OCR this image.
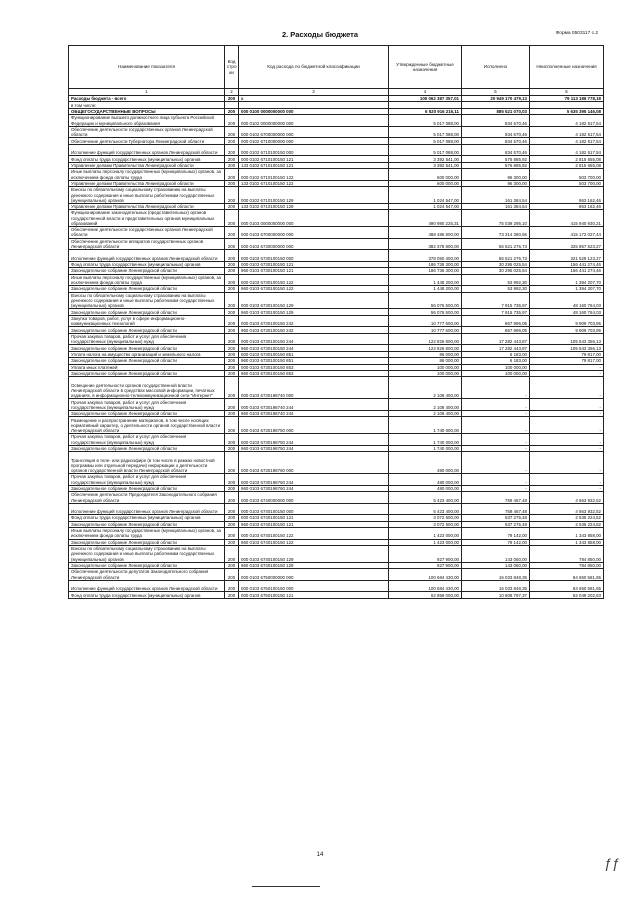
2. Расходы бюджета	Форма 0503117 с.2
Наименование показателя	Код стро ки	Код расхода по бюджетной классификации	Утвержденные бюджетные назначения	Исполнено	Неисполненные назначения
1	2	3	4	5	6
Расходы бюджета - всего	200	x	100 062 387 357,01	20 949 170 479,13	79 113 186 778,18
в том числе:					
ОБЩЕГОСУДАРСТВЕННЫЕ ВОПРОСЫ	200	000 0100 0000000000 000	6 520 916 216,11	885 521 070,03	5 635 395 146,08
Функционирование высшего должностного лица субъекта Российской Федерации и муниципального образования	200	000 0102 0000000000 000	5 017 088,00	834 570,46	4 182 517,54
Обеспечение деятельности государственных органов Ленинградской области	200	000 0102 6700000000 000	5 017 088,00	834 570,46	4 182 517,54
Обеспечение деятельности Губернатора Ленинградской области	200	000 0102 6710000000 000	5 017 088,00	834 570,46	4 182 517,54
Исполнение функций государственных органов Ленинградской области	200	000 0102 6710100150 000	5 017 088,00	834 570,46	4 182 517,54
Фонд оплаты труда государственных (муниципальных) органов	200	000 0102 6710100150 121	3 392 541,00	576 885,92	2 815 655,08
Управление делами Правительства Ленинградской области	200	133 0102 6710100150 121	3 392 541,00	576 885,92	2 815 655,08
Иные выплаты персоналу государственных (муниципальных) органов, за исключением фонда оплаты труда	200	000 0102 6710100150 122	600 000,00	96 300,00	503 700,00
Управление делами Правительства Ленинградской области	200	133 0102 6710100150 122	600 000,00	96 300,00	503 700,00
Взносы по обязательному социальному страхованию на выплаты денежного содержания и иные выплаты работникам государственных (муниципальных) органов	200	000 0102 6710100150 129	1 024 547,00	161 384,54	863 162,46
Управление делами Правительства Ленинградской области	200	133 0102 6710100150 129	1 024 547,00	161 384,54	863 162,46
Функционирование законодательных (представительных) органов государственной власти и представительных органов муниципальных образований	200	000 0103 0000000000 000	490 980 225,31	75 039 295,10	415 940 930,21
Обеспечение деятельности государственных органов Ленинградской области	200	000 0103 6700000000 000	488 486 900,00	73 314 380,56	415 172 027,44
Обеспечение деятельности аппаратов государственных органов Ленинградской области	200	000 0103 6730000000 000	382 378 800,00	56 521 276,73	325 857 523,27
Исполнение функций государственных органов Ленинградской области	200	000 0103 6730100150 000	378 050 400,00	56 521 276,73	321 529 123,27
Фонд оплаты труда государственных (муниципальных) органов	200	000 0103 6730100150 121	186 736 300,00	30 295 025,54	156 441 274,46
Законодательное собрание Ленинградской области	200	960 0103 6730100150 121	186 736 300,00	30 295 025,54	156 441 274,46
Иные выплаты персоналу государственных (муниципальных) органов, за исключением фонда оплаты труда	200	000 0103 6730100150 122	1 448 200,00	53 992,30	1 394 207,70
Законодательное собрание Ленинградской области	200	960 0103 6730100150 122	1 448 200,00	53 992,30	1 394 207,70
Взносы по обязательному социальному страхованию на выплаты денежного содержания и иные выплаты работникам государственных (муниципальных) органов	200	000 0103 6730100150 129	56 076 500,00	7 915 735,97	48 160 764,03
Законодательное собрание Ленинградской области	200	960 0103 6730100150 129	56 076 500,00	7 915 735,97	48 160 764,03
Закупка товаров, работ, услуг в сфере информационно-коммуникационных технологий	200	000 0103 6730100150 242	10 777 600,00	867 896,05	9 909 703,95
Законодательное собрание Ленинградской области	200	960 0103 6730100150 242	10 777 600,00	867 896,05	9 909 703,95
Прочая закупка товаров, работ и услуг для обеспечения государственных (муниципальных) нужд	200	000 0103 6730100150 244	122 826 800,00	17 282 443,87	105 543 356,13
Законодательное собрание Ленинградской области	200	960 0103 6730100150 244	122 826 800,00	17 282 443,87	105 543 356,13
Уплата налога на имущество организаций и земельного налога	200	000 0103 6730100150 851	86 000,00	6 183,00	79 817,00
Законодательное собрание Ленинградской области	200	960 0103 6730100150 851	86 000,00	6 183,00	79 817,00
Уплата иных платежей	200	000 0103 6730100150 853	100 000,00	100 000,00	-
Законодательное собрание Ленинградской области	200	960 0103 6730100150 853	100 000,00	100 000,00	-
Освещение деятельности органов государственной власти Ленинградской области в средствах массовой информации, печатных изданиях, в информационно-телекоммуникационной сети "Интернет"	200	000 0103 6730198740 000	2 108 400,00	-	-
Прочая закупка товаров, работ и услуг для обеспечения государственных (муниципальных) нужд	200	000 0103 6730198740 244	2 108 400,00	-	-
Законодательное собрание Ленинградской области	200	960 0103 6730198740 244	2 108 400,00	-	-
Размещение и распространение материалов, в том числе носящих нормативный характер, о деятельности органов государственной власти Ленинградской области	200	000 0103 6730198750 000	1 740 000,00	-	-
Прочая закупка товаров, работ и услуг для обеспечения государственных (муниципальных) нужд	200	000 0103 6730198750 244	1 740 000,00	-	-
Законодательное собрание Ленинградской области	200	960 0103 6730198750 244	1 740 000,00	-	-
Трансляция в теле- или радиоэфире (в том числе в рамках новостной программы или отдельной передачи) информации о деятельности органов государственной власти Ленинградской области	200	000 0103 6730198760 000	480 000,00	-	-
Прочая закупка товаров, работ и услуг для обеспечения государственных (муниципальных) нужд	200	000 0103 6730198760 244	480 000,00	-	-
Законодательное собрание Ленинградской области	200	960 0103 6730198760 244	480 000,00	-	-
Обеспечение деятельности Председателя Законодательного собрания Ленинградской области	200	000 0103 6740000000 000	5 423 400,00	759 467,48	4 663 932,52
Исполнение функций государственных органов Ленинградской области	200	000 0103 6740100150 000	5 423 400,00	759 467,48	4 663 932,52
Фонд оплаты труда государственных (муниципальных) органов	200	000 0103 6740100150 121	3 072 500,00	537 275,48	2 535 224,52
Законодательное собрание Ленинградской области	200	960 0103 6740100150 121	3 072 500,00	537 275,48	2 535 224,52
Иные выплаты персоналу государственных (муниципальных) органов, за исключением фонда оплаты труда	200	000 0103 6740100150 122	1 423 000,00	79 142,00	1 343 858,00
Законодательное собрание Ленинградской области	200	960 0103 6740100150 122	1 423 000,00	79 142,00	1 343 858,00
Взносы по обязательному социальному страхованию на выплаты денежного содержания и иные выплаты работникам государственных (муниципальных) органов	200	000 0103 6740100150 129	927 900,00	143 050,00	784 850,00
Законодательное собрание Ленинградской области	200	960 0103 6740100150 129	927 900,00	143 050,00	784 850,00
Обеспечение деятельности депутатов Законодательного собрания Ленинградской области	200	000 0103 6750000000 000	100 684 430,00	16 033 848,35	84 650 581,65
Исполнение функций государственных органов Ленинградской области	200	000 0103 6750100150 000	100 684 430,00	16 033 848,35	84 650 581,65
Фонд оплаты труда государственных (муниципальных) органов	200	000 0103 6750100150 121	62 858 000,00	10 808 797,37	52 049 202,63
14	ƒƒ
